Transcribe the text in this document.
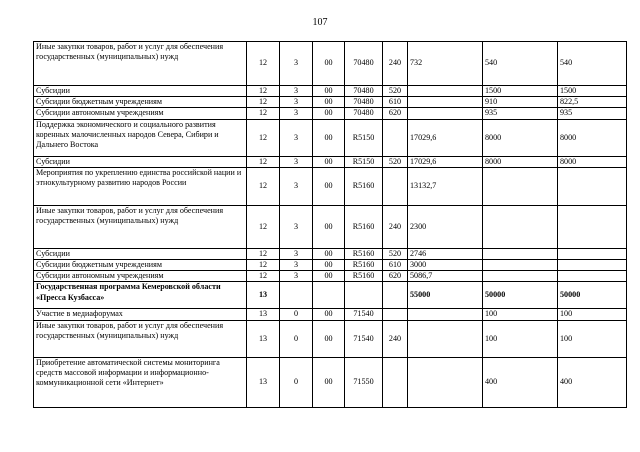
107
Иные закупки товаров, работ и услуг для обеспечения государственных (муниципальных) нужд	12	3	00	70480	240	732	540	540
Субсидии	12	3	00	70480	520		1500	1500
Субсидии бюджетным учреждениям	12	3	00	70480	610		910	822,5
Субсидии автономным учреждениям	12	3	00	70480	620		935	935
Поддержка экономического и социального развития коренных малочисленных народов Севера, Сибири и Дальнего Востока	12	3	00	R5150		17029,6	8000	8000
Субсидии	12	3	00	R5150	520	17029,6	8000	8000
Мероприятия по укреплению единства российской нации и этнокультурному развитию народов России	12	3	00	R5160		13132,7		
Иные закупки товаров, работ и услуг для обеспечения государственных (муниципальных) нужд	12	3	00	R5160	240	2300		
Субсидии	12	3	00	R5160	520	2746		
Субсидии бюджетным учреждениям	12	3	00	R5160	610	3000		
Субсидии автономным учреждениям	12	3	00	R5160	620	5086,7		
Государственная программа Кемеровской области «Пресса Кузбасса»	13					55000	50000	50000
Участие в медиафорумах	13	0	00	71540			100	100
Иные закупки товаров, работ и услуг для обеспечения государственных (муниципальных) нужд	13	0	00	71540	240		100	100
Приобретение автоматической системы мониторинга средств массовой информации и информационно-коммуникационной сети «Интернет»	13	0	00	71550			400	400
